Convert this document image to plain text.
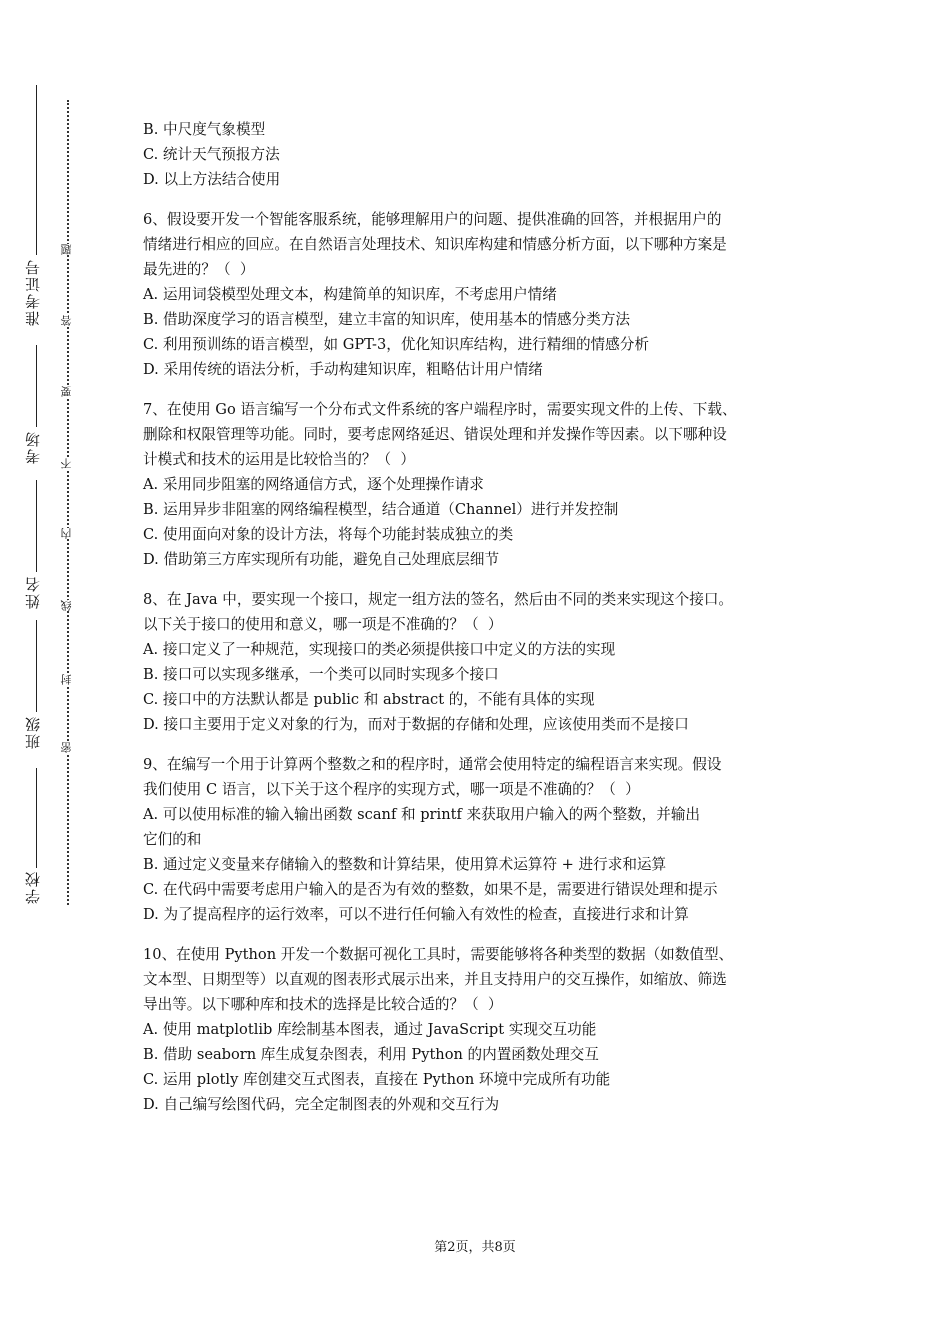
学校
班级
姓名
考场
准考证号
密
封
线
内
不
要
答
题
B. 中尺度气象模型
C. 统计天气预报方法
D. 以上方法结合使用
6、假设要开发一个智能客服系统，能够理解用户的问题、提供准确的回答，并根据用户的
情绪进行相应的回应。在自然语言处理技术、知识库构建和情感分析方面，以下哪种方案是
最先进的？（  ）
A. 运用词袋模型处理文本，构建简单的知识库，不考虑用户情绪
B. 借助深度学习的语言模型，建立丰富的知识库，使用基本的情感分类方法
C. 利用预训练的语言模型，如 GPT-3，优化知识库结构，进行精细的情感分析
D. 采用传统的语法分析，手动构建知识库，粗略估计用户情绪
7、在使用 Go 语言编写一个分布式文件系统的客户端程序时，需要实现文件的上传、下载、
删除和权限管理等功能。同时，要考虑网络延迟、错误处理和并发操作等因素。以下哪种设
计模式和技术的运用是比较恰当的？（  ）
A. 采用同步阻塞的网络通信方式，逐个处理操作请求
B. 运用异步非阻塞的网络编程模型，结合通道（Channel）进行并发控制
C. 使用面向对象的设计方法，将每个功能封装成独立的类
D. 借助第三方库实现所有功能，避免自己处理底层细节
8、在 Java 中，要实现一个接口，规定一组方法的签名，然后由不同的类来实现这个接口。
以下关于接口的使用和意义，哪一项是不准确的？（  ）
A. 接口定义了一种规范，实现接口的类必须提供接口中定义的方法的实现
B. 接口可以实现多继承，一个类可以同时实现多个接口
C. 接口中的方法默认都是 public 和 abstract 的，不能有具体的实现
D. 接口主要用于定义对象的行为，而对于数据的存储和处理，应该使用类而不是接口
9、在编写一个用于计算两个整数之和的程序时，通常会使用特定的编程语言来实现。假设
我们使用 C 语言，以下关于这个程序的实现方式，哪一项是不准确的？（  ）
A. 可以使用标准的输入输出函数 scanf 和 printf 来获取用户输入的两个整数，并输出
它们的和
B. 通过定义变量来存储输入的整数和计算结果，使用算术运算符 + 进行求和运算
C. 在代码中需要考虑用户输入的是否为有效的整数，如果不是，需要进行错误处理和提示
D. 为了提高程序的运行效率，可以不进行任何输入有效性的检查，直接进行求和计算
10、在使用 Python 开发一个数据可视化工具时，需要能够将各种类型的数据（如数值型、
文本型、日期型等）以直观的图表形式展示出来，并且支持用户的交互操作，如缩放、筛选
导出等。以下哪种库和技术的选择是比较合适的？（  ）
A. 使用 matplotlib 库绘制基本图表，通过 JavaScript 实现交互功能
B. 借助 seaborn 库生成复杂图表，利用 Python 的内置函数处理交互
C. 运用 plotly 库创建交互式图表，直接在 Python 环境中完成所有功能
D. 自己编写绘图代码，完全定制图表的外观和交互行为
第2页，共8页
